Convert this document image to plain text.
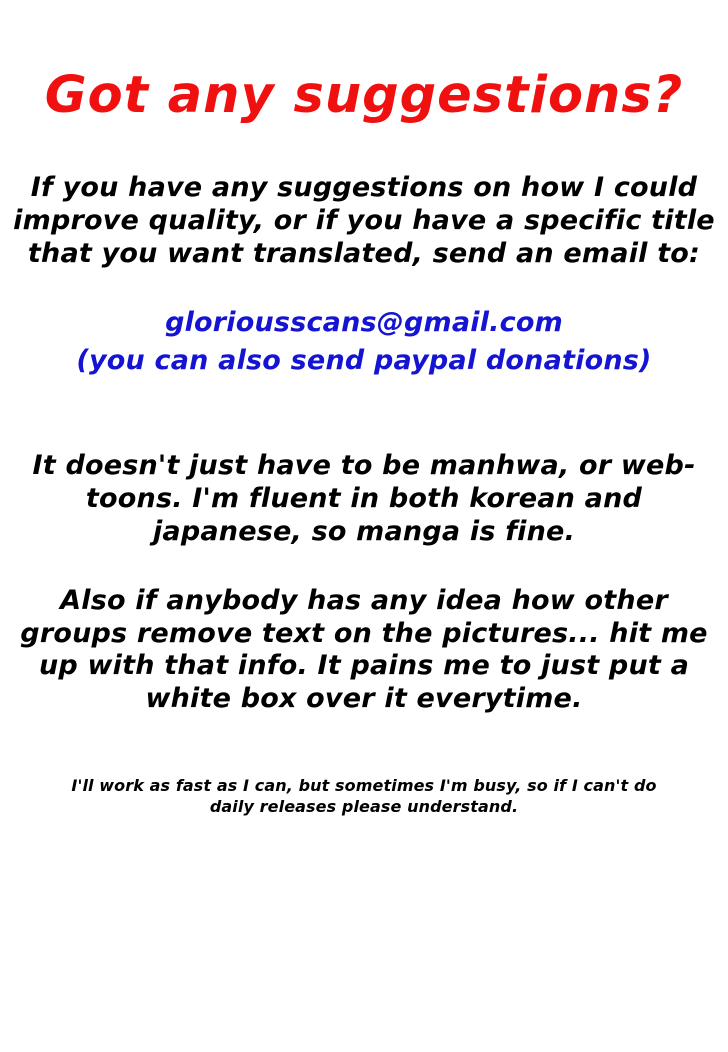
Got any suggestions?

If you have any suggestions on how I could improve quality, or if you have a specific title that you want translated, send an email to:

gloriousscans@gmail.com

(you can also send paypal donations)

It doesn't just have to be manhwa, or web-toons. I'm fluent in both korean and japanese, so manga is fine.

Also if anybody has any idea how other groups remove text on the pictures... hit me up with that info. It pains me to just put a white box over it everytime.

I'll work as fast as I can, but sometimes I'm busy, so if I can't do daily releases please understand.
